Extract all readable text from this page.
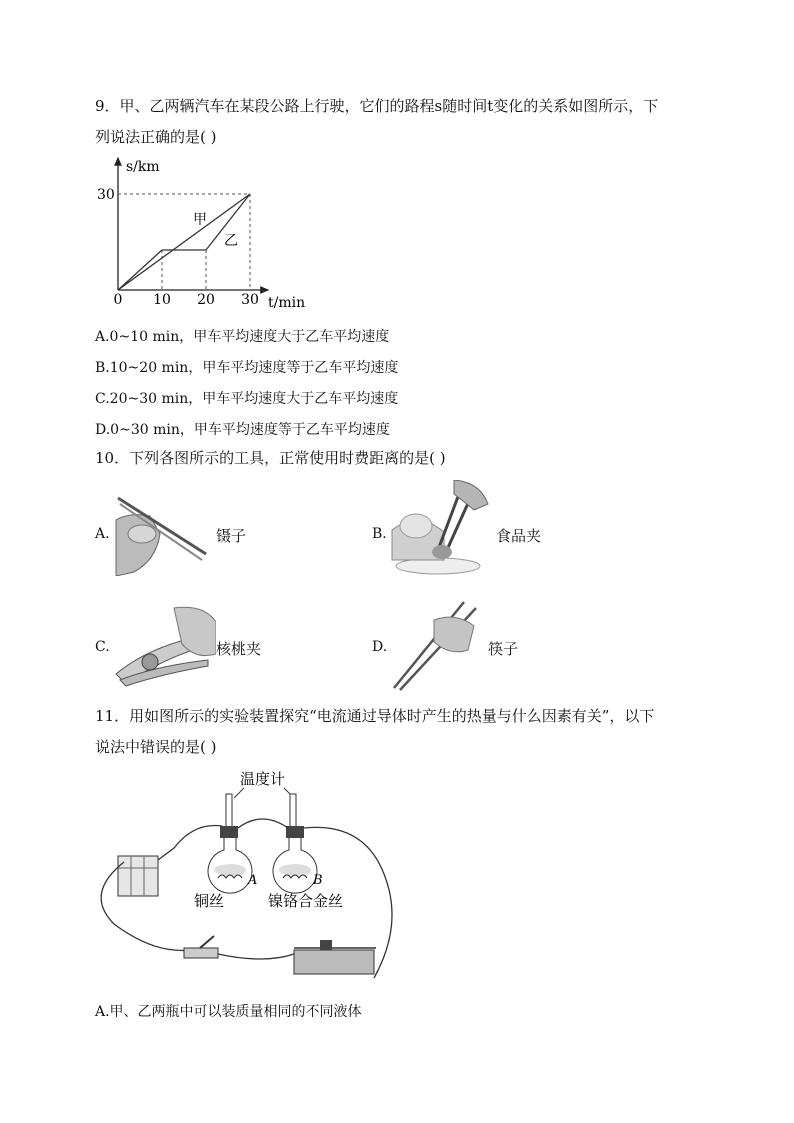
9．甲、乙两辆汽车在某段公路上行驶，它们的路程s随时间t变化的关系如图所示，下
列说法正确的是( )
s/km
30
0 10 20 30 t/min
甲
乙
A.0~10 min，甲车平均速度大于乙车平均速度
B.10~20 min，甲车平均速度等于乙车平均速度
C.20~30 min，甲车平均速度大于乙车平均速度
D.0~30 min，甲车平均速度等于乙车平均速度
10．下列各图所示的工具，正常使用时费距离的是( )
A.	镊子	B.	食品夹
C.	核桃夹	D.	筷子
11．用如图所示的实验装置探究“电流通过导体时产生的热量与什么因素有关”，以下
说法中错误的是( )
温度计
A	B
铜丝	镍铬合金丝
A.甲、乙两瓶中可以装质量相同的不同液体
